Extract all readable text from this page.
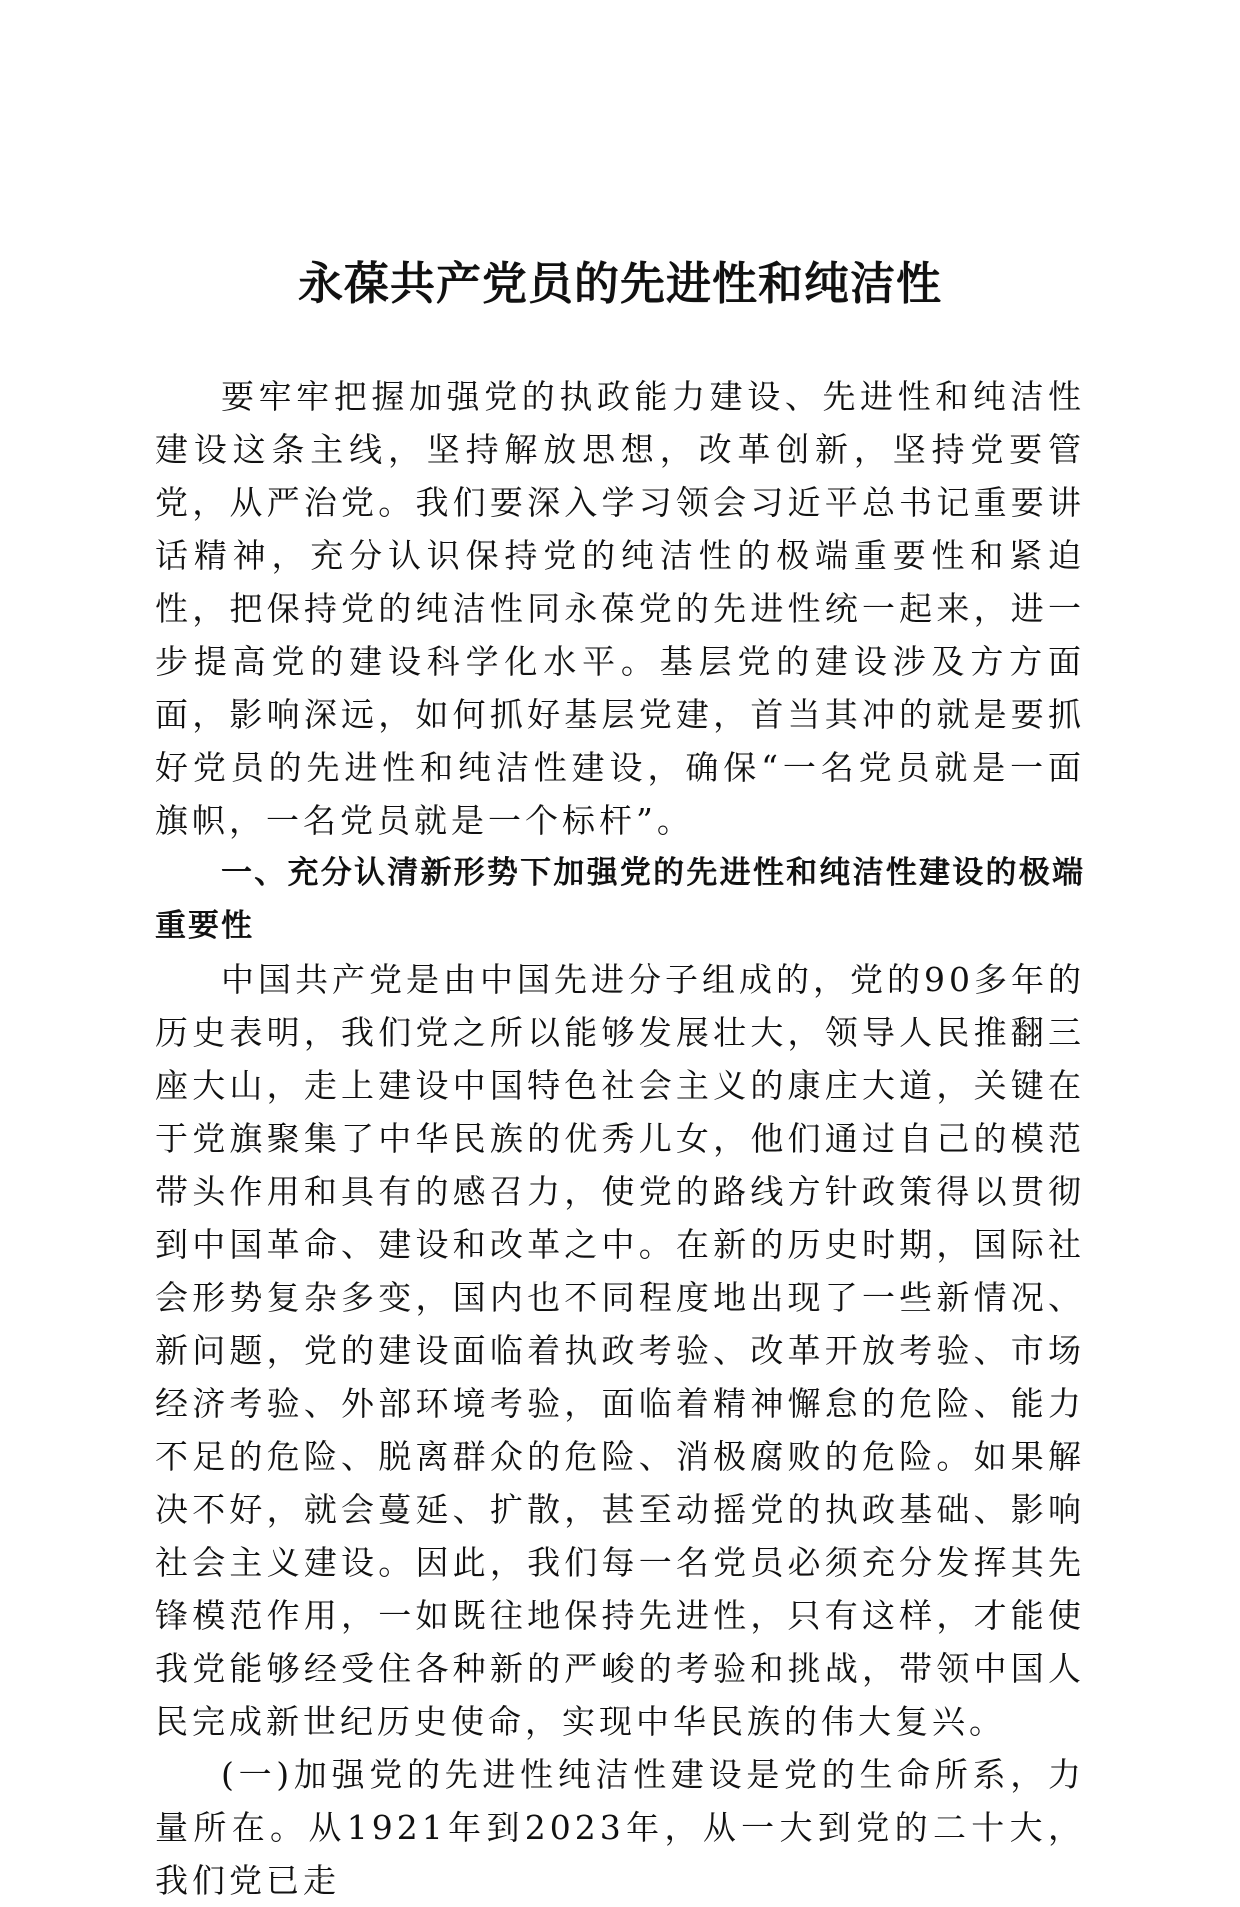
永葆共产党员的先进性和纯洁性

要牢牢把握加强党的执政能力建设、先进性和纯洁性建设这条主线，坚持解放思想，改革创新，坚持党要管党，从严治党。我们要深入学习领会习近平总书记重要讲话精神，充分认识保持党的纯洁性的极端重要性和紧迫性，把保持党的纯洁性同永葆党的先进性统一起来，进一步提高党的建设科学化水平。基层党的建设涉及方方面面，影响深远，如何抓好基层党建，首当其冲的就是要抓好党员的先进性和纯洁性建设，确保“一名党员就是一面旗帜，一名党员就是一个标杆”。

一、充分认清新形势下加强党的先进性和纯洁性建设的极端重要性

中国共产党是由中国先进分子组成的，党的90多年的历史表明，我们党之所以能够发展壮大，领导人民推翻三座大山，走上建设中国特色社会主义的康庄大道，关键在于党旗聚集了中华民族的优秀儿女，他们通过自己的模范带头作用和具有的感召力，使党的路线方针政策得以贯彻到中国革命、建设和改革之中。在新的历史时期，国际社会形势复杂多变，国内也不同程度地出现了一些新情况、新问题，党的建设面临着执政考验、改革开放考验、市场经济考验、外部环境考验，面临着精神懈怠的危险、能力不足的危险、脱离群众的危险、消极腐败的危险。如果解决不好，就会蔓延、扩散，甚至动摇党的执政基础、影响社会主义建设。因此，我们每一名党员必须充分发挥其先锋模范作用，一如既往地保持先进性，只有这样，才能使我党能够经受住各种新的严峻的考验和挑战，带领中国人民完成新世纪历史使命，实现中华民族的伟大复兴。

(一)加强党的先进性纯洁性建设是党的生命所系，力量所在。从1921年到2023年，从一大到党的二十大，我们党已走
